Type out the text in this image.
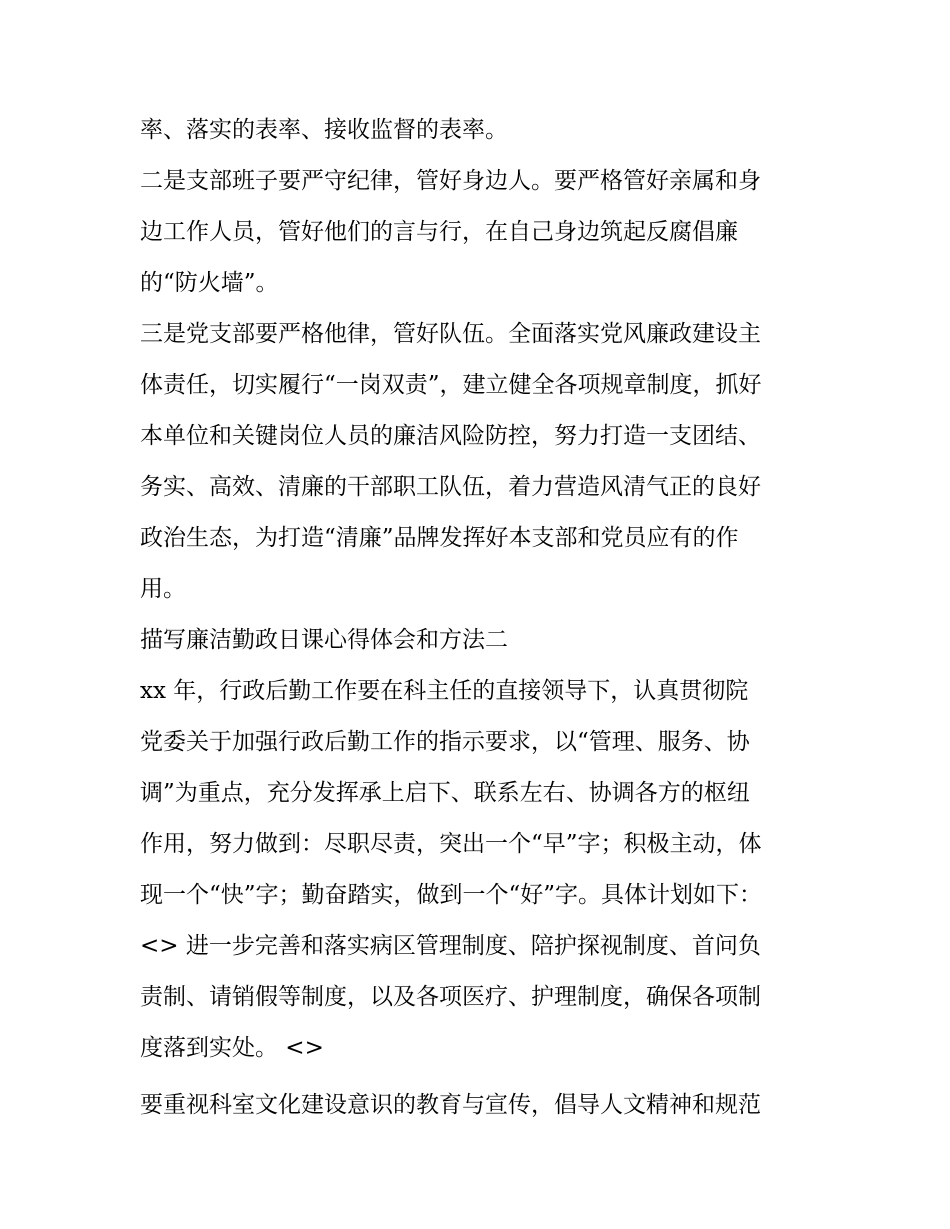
率、落实的表率、接收监督的表率。

二是支部班子要严守纪律，管好身边人。要严格管好亲属和身

边工作人员，管好他们的言与行，在自己身边筑起反腐倡廉

的“防火墙”。

三是党支部要严格他律，管好队伍。全面落实党风廉政建设主

体责任，切实履行“一岗双责”，建立健全各项规章制度，抓好

本单位和关键岗位人员的廉洁风险防控，努力打造一支团结、

务实、高效、清廉的干部职工队伍，着力营造风清气正的良好

政治生态，为打造“清廉”品牌发挥好本支部和党员应有的作

用。

描写廉洁勤政日课心得体会和方法二

xx 年，行政后勤工作要在科主任的直接领导下，认真贯彻院

党委关于加强行政后勤工作的指示要求，以“管理、服务、协

调”为重点，充分发挥承上启下、联系左右、协调各方的枢纽

作用，努力做到：尽职尽责，突出一个“早”字；积极主动，体

现一个“快”字；勤奋踏实，做到一个“好”字。具体计划如下：

<> 进一步完善和落实病区管理制度、陪护探视制度、首问负

责制、请销假等制度，以及各项医疗、护理制度，确保各项制

度落到实处。 <>

要重视科室文化建设意识的教育与宣传，倡导人文精神和规范
